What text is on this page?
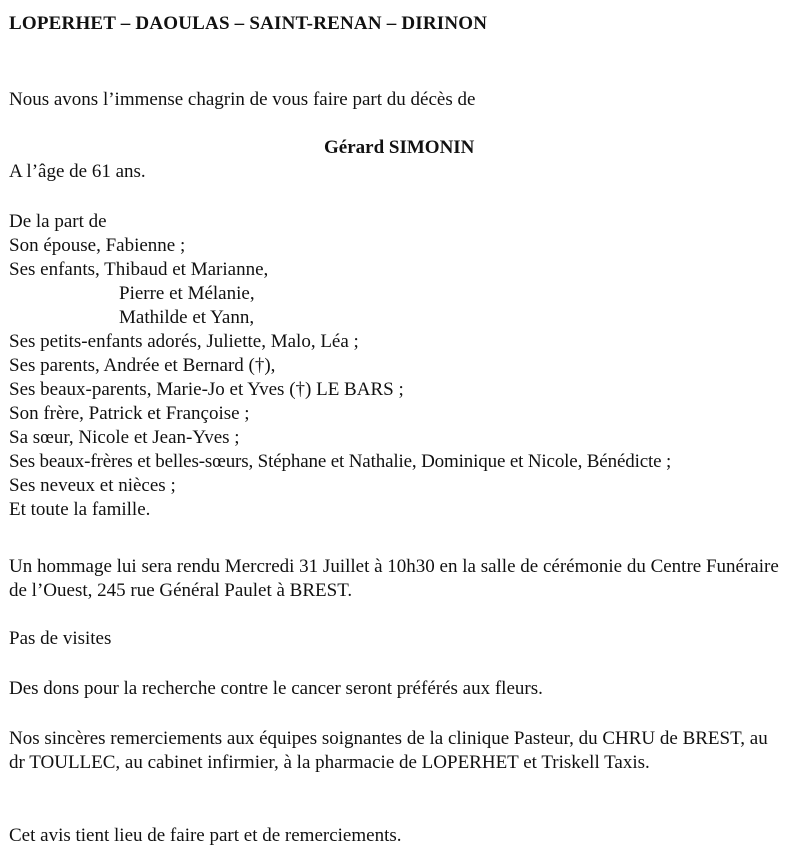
LOPERHET – DAOULAS – SAINT-RENAN – DIRINON
Nous avons l’immense chagrin de vous faire part du décès de
Gérard SIMONIN
A l’âge de 61 ans.
De la part de
Son épouse, Fabienne ;
Ses enfants, Thibaud et Marianne,
Pierre et Mélanie,
Mathilde et Yann,
Ses petits-enfants adorés, Juliette, Malo, Léa ;
Ses parents, Andrée et Bernard (†),
Ses beaux-parents, Marie-Jo et Yves (†) LE BARS ;
Son frère, Patrick et Françoise ;
Sa sœur, Nicole et Jean-Yves ;
Ses beaux-frères et belles-sœurs, Stéphane et Nathalie, Dominique et Nicole, Bénédicte ;
Ses neveux et nièces ;
Et toute la famille.
Un hommage lui sera rendu Mercredi 31 Juillet à 10h30 en la salle de cérémonie du Centre Funéraire de l’Ouest, 245 rue Général Paulet à BREST.
Pas de visites
Des dons pour la recherche contre le cancer seront préférés aux fleurs.
Nos sincères remerciements aux équipes soignantes de la clinique Pasteur, du CHRU de BREST, au dr TOULLEC, au cabinet infirmier, à la pharmacie de LOPERHET et Triskell Taxis.
Cet avis tient lieu de faire part et de remerciements.
